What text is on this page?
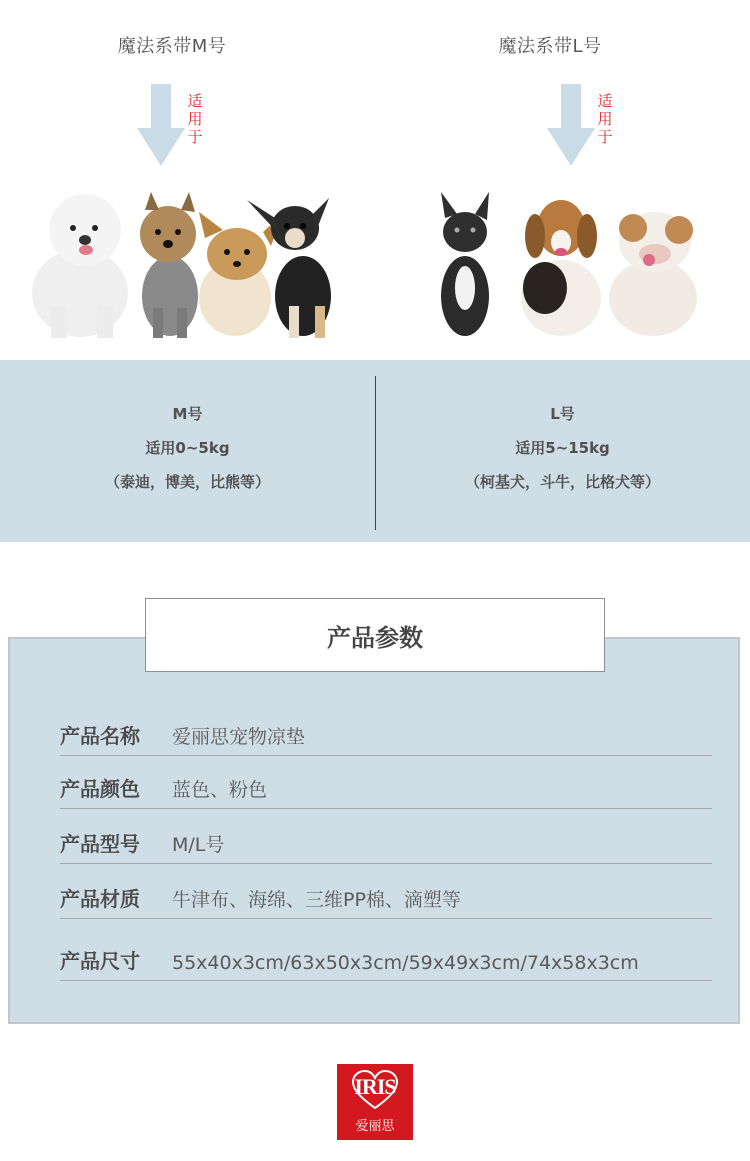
魔法系带M号
适
用
于
魔法系带L号
适
用
于
M号
适用0~5kg
（泰迪，博美，比熊等）
L号
适用5~15kg
（柯基犬，斗牛，比格犬等）
产品参数
产品名称 爱丽思宠物凉垫
产品颜色 蓝色、粉色
产品型号 M/L号
产品材质 牛津布、海绵、三维PP棉、滴塑等
产品尺寸 55x40x3cm/63x50x3cm/59x49x3cm/74x58x3cm
IRIS
爱丽思
